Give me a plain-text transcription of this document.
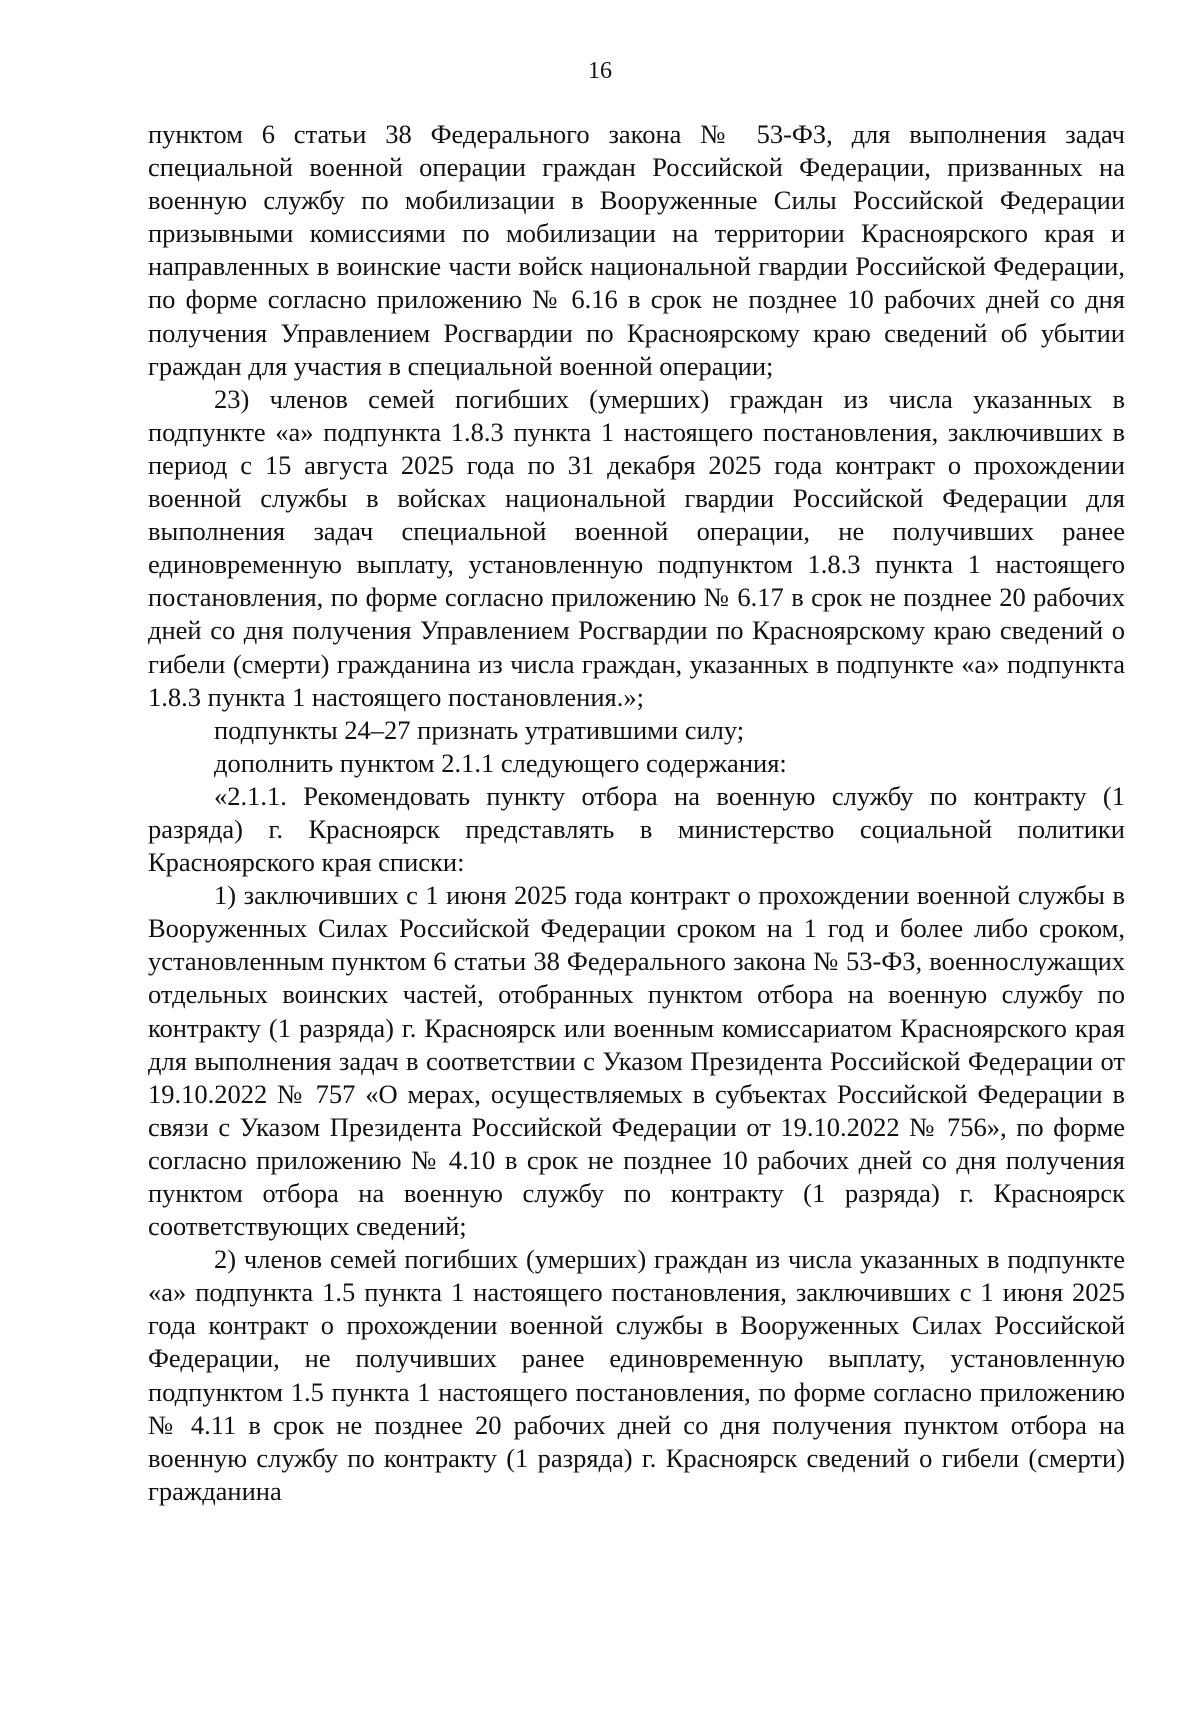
16

пунктом 6 статьи 38 Федерального закона № 53-ФЗ, для выполнения задач специальной военной операции граждан Российской Федерации, призванных на военную службу по мобилизации в Вооруженные Силы Российской Федерации призывными комиссиями по мобилизации на территории Красноярского края и направленных в воинские части войск национальной гвардии Российской Федерации, по форме согласно приложению № 6.16 в срок не позднее 10 рабочих дней со дня получения Управлением Росгвардии по Красноярскому краю сведений об убытии граждан для участия в специальной военной операции;

23) членов семей погибших (умерших) граждан из числа указанных в подпункте «а» подпункта 1.8.3 пункта 1 настоящего постановления, заключивших в период с 15 августа 2025 года по 31 декабря 2025 года контракт о прохождении военной службы в войсках национальной гвардии Российской Федерации для выполнения задач специальной военной операции, не получивших ранее единовременную выплату, установленную подпунктом 1.8.3 пункта 1 настоящего постановления, по форме согласно приложению № 6.17 в срок не позднее 20 рабочих дней со дня получения Управлением Росгвардии по Красноярскому краю сведений о гибели (смерти) гражданина из числа граждан, указанных в подпункте «а» подпункта 1.8.3 пункта 1 настоящего постановления.»;

подпункты 24–27 признать утратившими силу;

дополнить пунктом 2.1.1 следующего содержания:

«2.1.1. Рекомендовать пункту отбора на военную службу по контракту (1 разряда) г. Красноярск представлять в министерство социальной политики Красноярского края списки:

1) заключивших с 1 июня 2025 года контракт о прохождении военной службы в Вооруженных Силах Российской Федерации сроком на 1 год и более либо сроком, установленным пунктом 6 статьи 38 Федерального закона № 53-ФЗ, военнослужащих отдельных воинских частей, отобранных пунктом отбора на военную службу по контракту (1 разряда) г. Красноярск или военным комиссариатом Красноярского края для выполнения задач в соответствии с Указом Президента Российской Федерации от 19.10.2022 № 757 «О мерах, осуществляемых в субъектах Российской Федерации в связи с Указом Президента Российской Федерации от 19.10.2022 № 756», по форме согласно приложению № 4.10 в срок не позднее 10 рабочих дней со дня получения пунктом отбора на военную службу по контракту (1 разряда) г. Красноярск соответствующих сведений;

2) членов семей погибших (умерших) граждан из числа указанных в подпункте «а» подпункта 1.5 пункта 1 настоящего постановления, заключивших с 1 июня 2025 года контракт о прохождении военной службы в Вооруженных Силах Российской Федерации, не получивших ранее единовременную выплату, установленную подпунктом 1.5 пункта 1 настоящего постановления, по форме согласно приложению № 4.11 в срок не позднее 20 рабочих дней со дня получения пунктом отбора на военную службу по контракту (1 разряда) г. Красноярск сведений о гибели (смерти) гражданина
